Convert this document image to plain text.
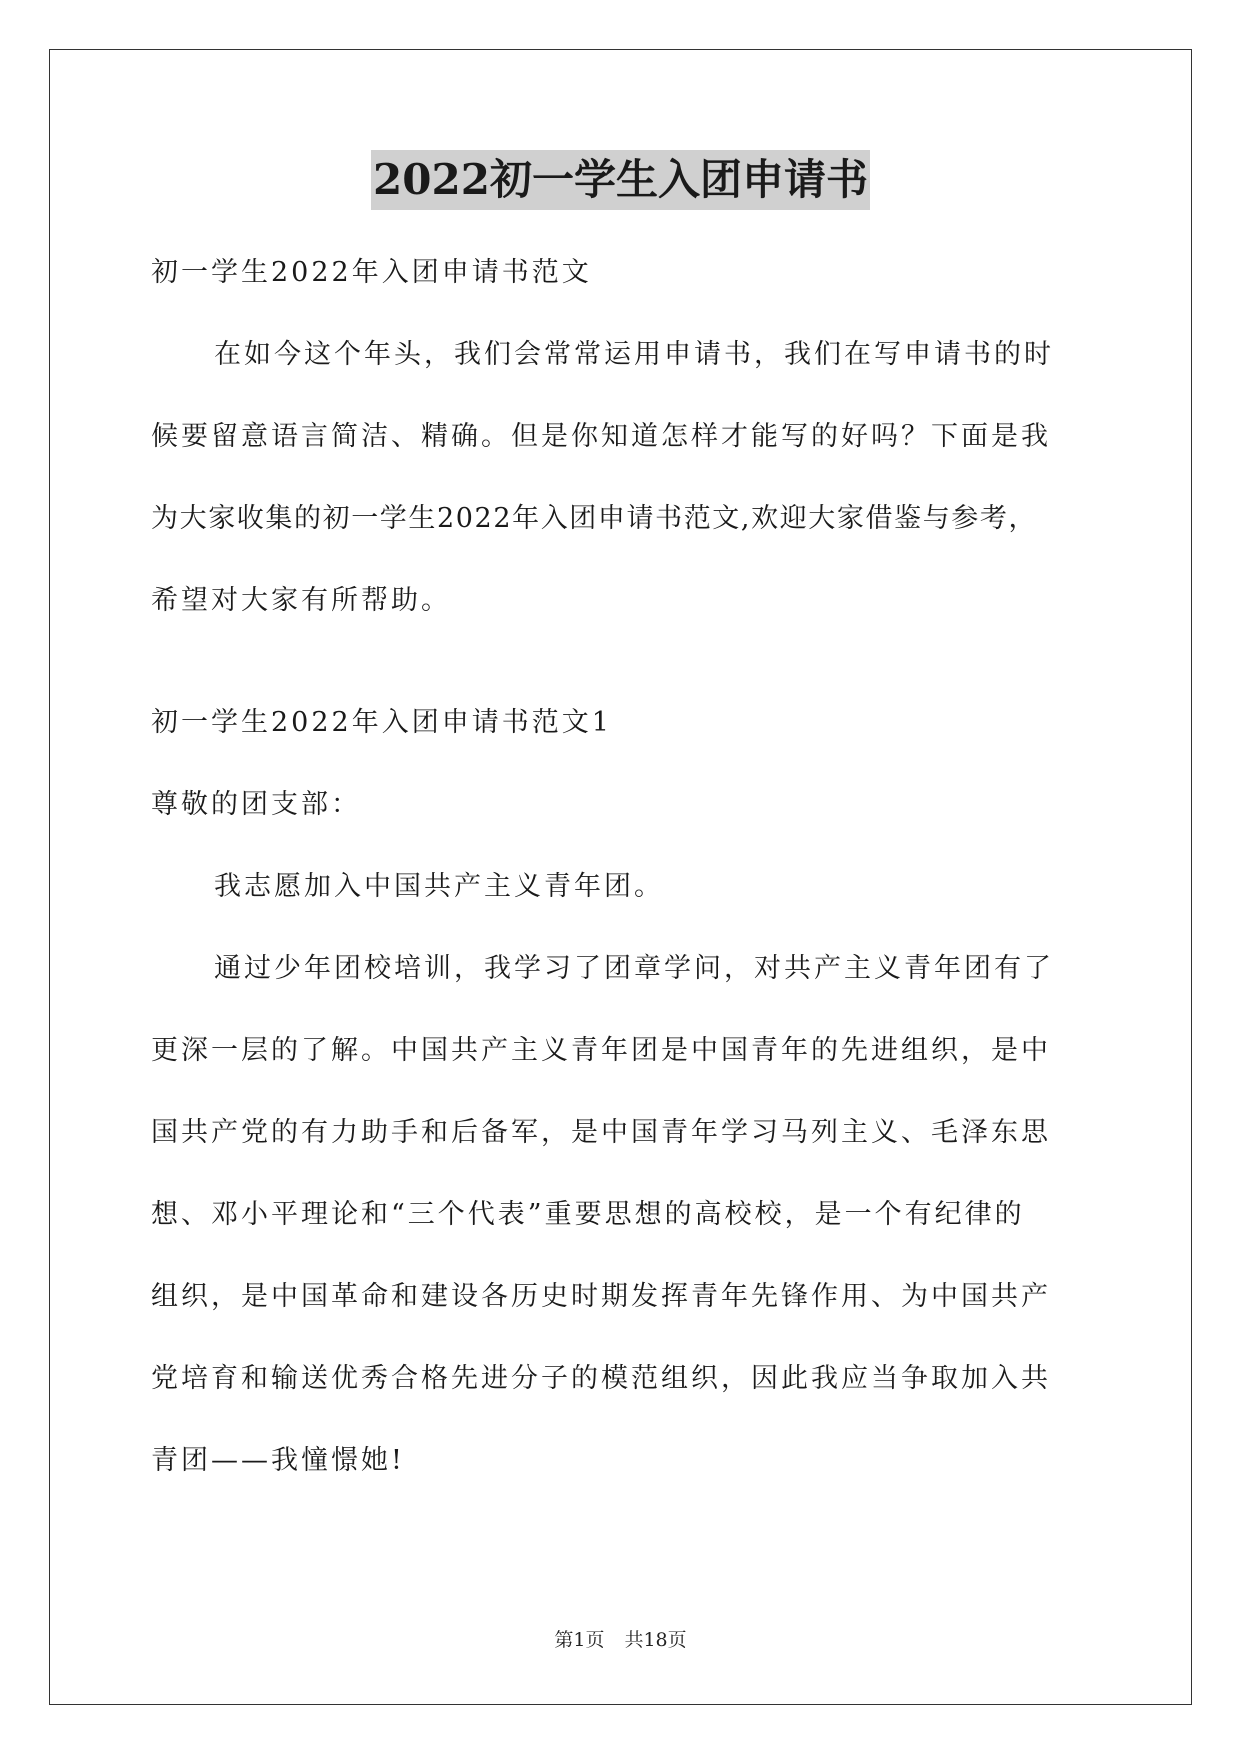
2022初一学生入团申请书
初一学生2022年入团申请书范文
在如今这个年头，我们会常常运用申请书，我们在写申请书的时
候要留意语言简洁、精确。但是你知道怎样才能写的好吗？下面是我
为大家收集的初一学生2022年入团申请书范文,欢迎大家借鉴与参考，
希望对大家有所帮助。
初一学生2022年入团申请书范文1
尊敬的团支部：
我志愿加入中国共产主义青年团。
通过少年团校培训，我学习了团章学问，对共产主义青年团有了
更深一层的了解。中国共产主义青年团是中国青年的先进组织，是中
国共产党的有力助手和后备军，是中国青年学习马列主义、毛泽东思
想、邓小平理论和“三个代表”重要思想的高校校，是一个有纪律的
组织，是中国革命和建设各历史时期发挥青年先锋作用、为中国共产
党培育和输送优秀合格先进分子的模范组织，因此我应当争取加入共
青团——我憧憬她!
第1页 共18页
